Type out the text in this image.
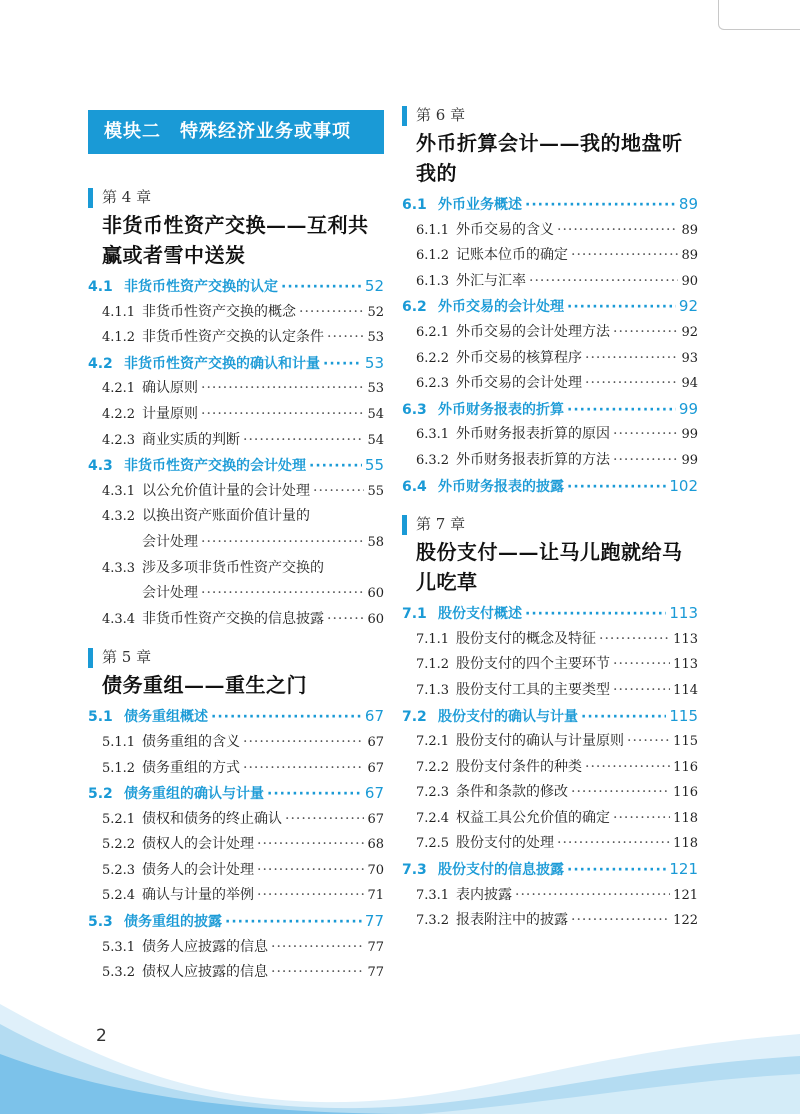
模块二　特殊经济业务或事项
第 4 章
非货币性资产交换——互利共
赢或者雪中送炭
4.1 非货币性资产交换的认定 ·····	52
4.1.1 非货币性资产交换的概念 ·····	52
4.1.2 非货币性资产交换的认定条件 ·····	53
4.2 非货币性资产交换的确认和计量 ·····	53
4.2.1 确认原则 ·····	53
4.2.2 计量原则 ·····	54
4.2.3 商业实质的判断 ·····	54
4.3 非货币性资产交换的会计处理 ·····	55
4.3.1 以公允价值计量的会计处理 ·····	55
4.3.2 以换出资产账面价值计量的
会计处理 ·····	58
4.3.3 涉及多项非货币性资产交换的
会计处理 ·····	60
4.3.4 非货币性资产交换的信息披露 ·····	60
第 5 章
债务重组——重生之门
5.1 债务重组概述 ·····	67
5.1.1 债务重组的含义 ·····	67
5.1.2 债务重组的方式 ·····	67
5.2 债务重组的确认与计量 ·····	67
5.2.1 债权和债务的终止确认 ·····	67
5.2.2 债权人的会计处理 ·····	68
5.2.3 债务人的会计处理 ·····	70
5.2.4 确认与计量的举例 ·····	71
5.3 债务重组的披露 ·····	77
5.3.1 债务人应披露的信息 ·····	77
5.3.2 债权人应披露的信息 ·····	77
第 6 章
外币折算会计——我的地盘听
我的
6.1 外币业务概述 ·····	89
6.1.1 外币交易的含义 ·····	89
6.1.2 记账本位币的确定 ·····	89
6.1.3 外汇与汇率 ·····	90
6.2 外币交易的会计处理 ·····	92
6.2.1 外币交易的会计处理方法 ·····	92
6.2.2 外币交易的核算程序 ·····	93
6.2.3 外币交易的会计处理 ·····	94
6.3 外币财务报表的折算 ·····	99
6.3.1 外币财务报表折算的原因 ·····	99
6.3.2 外币财务报表折算的方法 ·····	99
6.4 外币财务报表的披露 ·····	102
第 7 章
股份支付——让马儿跑就给马
儿吃草
7.1 股份支付概述 ·····	113
7.1.1 股份支付的概念及特征 ·····	113
7.1.2 股份支付的四个主要环节 ·····	113
7.1.3 股份支付工具的主要类型 ·····	114
7.2 股份支付的确认与计量 ·····	115
7.2.1 股份支付的确认与计量原则 ·····	115
7.2.2 股份支付条件的种类 ·····	116
7.2.3 条件和条款的修改 ·····	116
7.2.4 权益工具公允价值的确定 ·····	118
7.2.5 股份支付的处理 ·····	118
7.3 股份支付的信息披露 ·····	121
7.3.1 表内披露 ·····	121
7.3.2 报表附注中的披露 ·····	122
2
